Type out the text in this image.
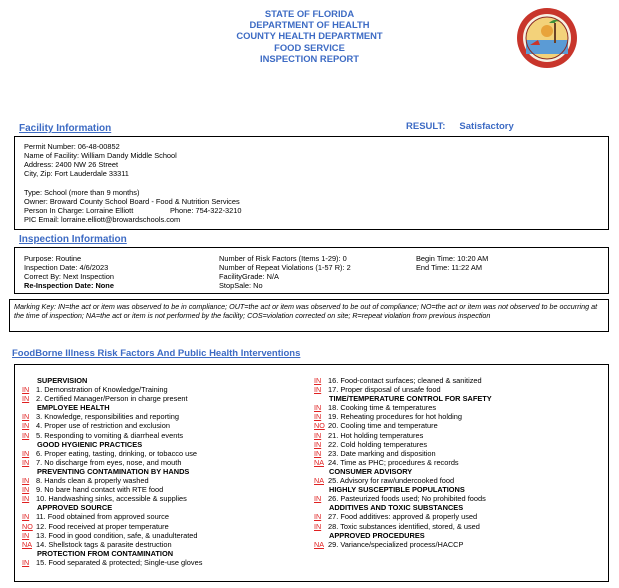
STATE OF FLORIDA
DEPARTMENT OF HEALTH
COUNTY HEALTH DEPARTMENT
FOOD SERVICE
INSPECTION REPORT
Facility Information	RESULT: Satisfactory
Permit Number: 06-48-00852
Name of Facility: William Dandy Middle School
Address: 2400 NW 26 Street
City, Zip: Fort Lauderdale 33311
Type: School (more than 9 months)
Owner: Broward County School Board - Food & Nutrition Services
Person In Charge: Lorraine Elliott	Phone: 754-322-3210
PIC Email: lorraine.elliott@browardschools.com
Inspection Information
Purpose: Routine
Inspection Date: 4/6/2023
Correct By: Next Inspection
Re-Inspection Date: None
Number of Risk Factors (Items 1-29): 0
Number of Repeat Violations (1-57 R): 2
FacilityGrade: N/A
StopSale: No
Begin Time: 10:20 AM
End Time: 11:22 AM
Marking Key: IN=the act or item was observed to be in compliance; OUT=the act or item was observed to be out of compliance; NO=the act or item was not observed to be occurring at the time of inspection; NA=the act or item is not performed by the facility; COS=violation corrected on site; R=repeat violation from previous inspection
FoodBorne Illness Risk Factors And Public Health Interventions
SUPERVISION
IN 1. Demonstration of Knowledge/Training
IN 2. Certified Manager/Person in charge present
EMPLOYEE HEALTH
IN 3. Knowledge, responsibilities and reporting
IN 4. Proper use of restriction and exclusion
IN 5. Responding to vomiting & diarrheal events
GOOD HYGIENIC PRACTICES
IN 6. Proper eating, tasting, drinking, or tobacco use
IN 7. No discharge from eyes, nose, and mouth
PREVENTING CONTAMINATION BY HANDS
IN 8. Hands clean & properly washed
IN 9. No bare hand contact with RTE food
IN 10. Handwashing sinks, accessible & supplies
APPROVED SOURCE
IN 11. Food obtained from approved source
NO 12. Food received at proper temperature
IN 13. Food in good condition, safe, & unadulterated
NA 14. Shellstock tags & parasite destruction
PROTECTION FROM CONTAMINATION
IN 15. Food separated & protected; Single-use gloves
IN 16. Food-contact surfaces; cleaned & sanitized
IN 17. Proper disposal of unsafe food
TIME/TEMPERATURE CONTROL FOR SAFETY
IN 18. Cooking time & temperatures
IN 19. Reheating procedures for hot holding
NO 20. Cooling time and temperature
IN 21. Hot holding temperatures
IN 22. Cold holding temperatures
IN 23. Date marking and disposition
NA 24. Time as PHC; procedures & records
CONSUMER ADVISORY
NA 25. Advisory for raw/undercooked food
HIGHLY SUSCEPTIBLE POPULATIONS
IN 26. Pasteurized foods used; No prohibited foods
ADDITIVES AND TOXIC SUBSTANCES
IN 27. Food additives: approved & properly used
IN 28. Toxic substances identified, stored, & used
APPROVED PROCEDURES
NA 29. Variance/specialized process/HACCP
